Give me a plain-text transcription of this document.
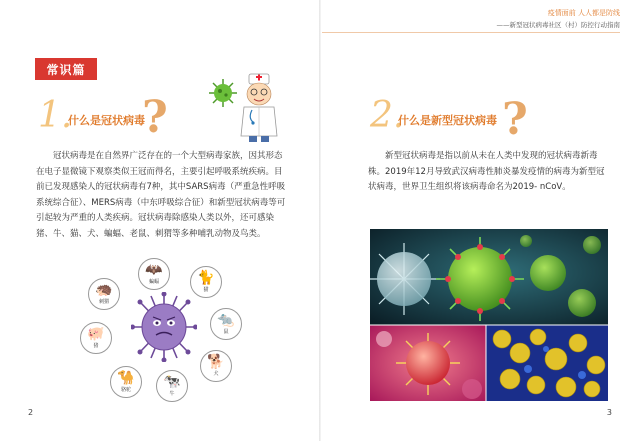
疫情面前 人人都是防线
——新型冠状病毒社区（村）防控行动指南
常识篇
1.
什么是冠状病毒
?
冠状病毒是在自然界广泛存在的一个大型病毒家族，因其形态在电子显微镜下观察类似王冠而得名，主要引起呼吸系统疾病。目前已发现感染人的冠状病毒有7种，其中SARS病毒（严重急性呼吸系统综合征）、MERS病毒（中东呼吸综合征）和新型冠状病毒等可引起较为严重的人类疾病。冠状病毒除感染人类以外，还可感染猪、牛、猫、犬、蝙蝠、老鼠、刺猬等多种哺乳动物及鸟类。
🦔
刺猬
🦇
蝙蝠	🐈
猫
🐀
鼠
🐕
犬
🐄
牛
🐪
骆驼
🐖
猪
2
2.
什么是新型冠状病毒 ?
新型冠状病毒是指以前从未在人类中发现的冠状病毒新毒株。2019年12月导致武汉病毒性肺炎暴发疫情的病毒为新型冠状病毒，世界卫生组织将该病毒命名为2019- nCoV。
3
